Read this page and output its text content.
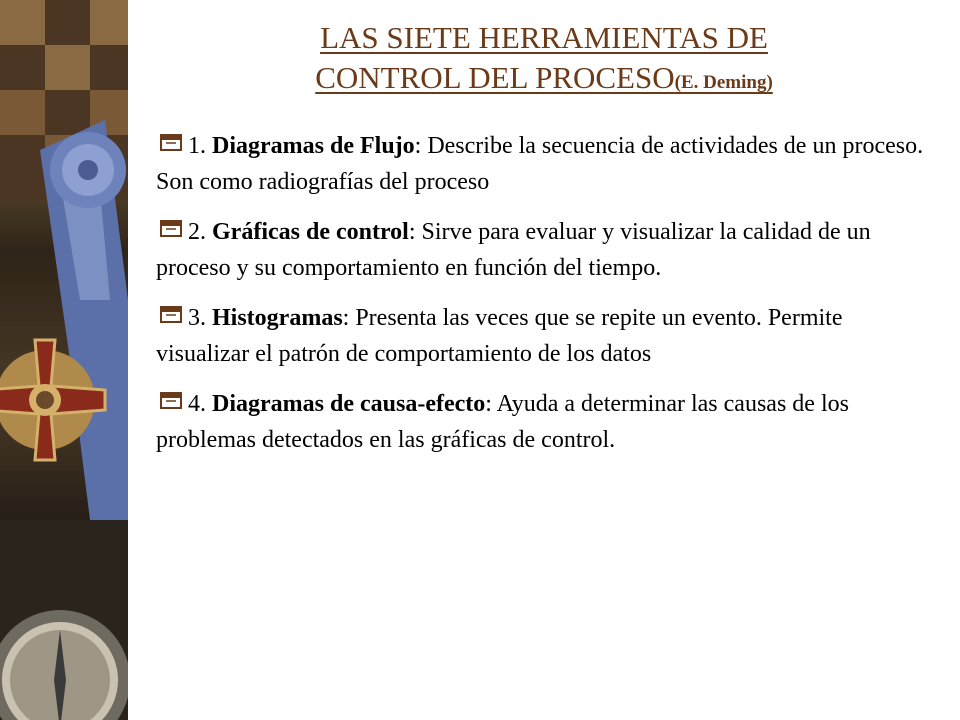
LAS SIETE HERRAMIENTAS DE
CONTROL DEL PROCESO(E. Deming)
1. Diagramas de Flujo: Describe la secuencia de actividades de un proceso. Son como radiografías del proceso
2. Gráficas de control: Sirve para evaluar y visualizar la calidad de un proceso y su comportamiento en función del tiempo.
3. Histogramas: Presenta las veces que se repite un evento. Permite visualizar el patrón de comportamiento de los datos
4. Diagramas de causa-efecto: Ayuda a determinar las causas de los problemas detectados en las gráficas de control.
